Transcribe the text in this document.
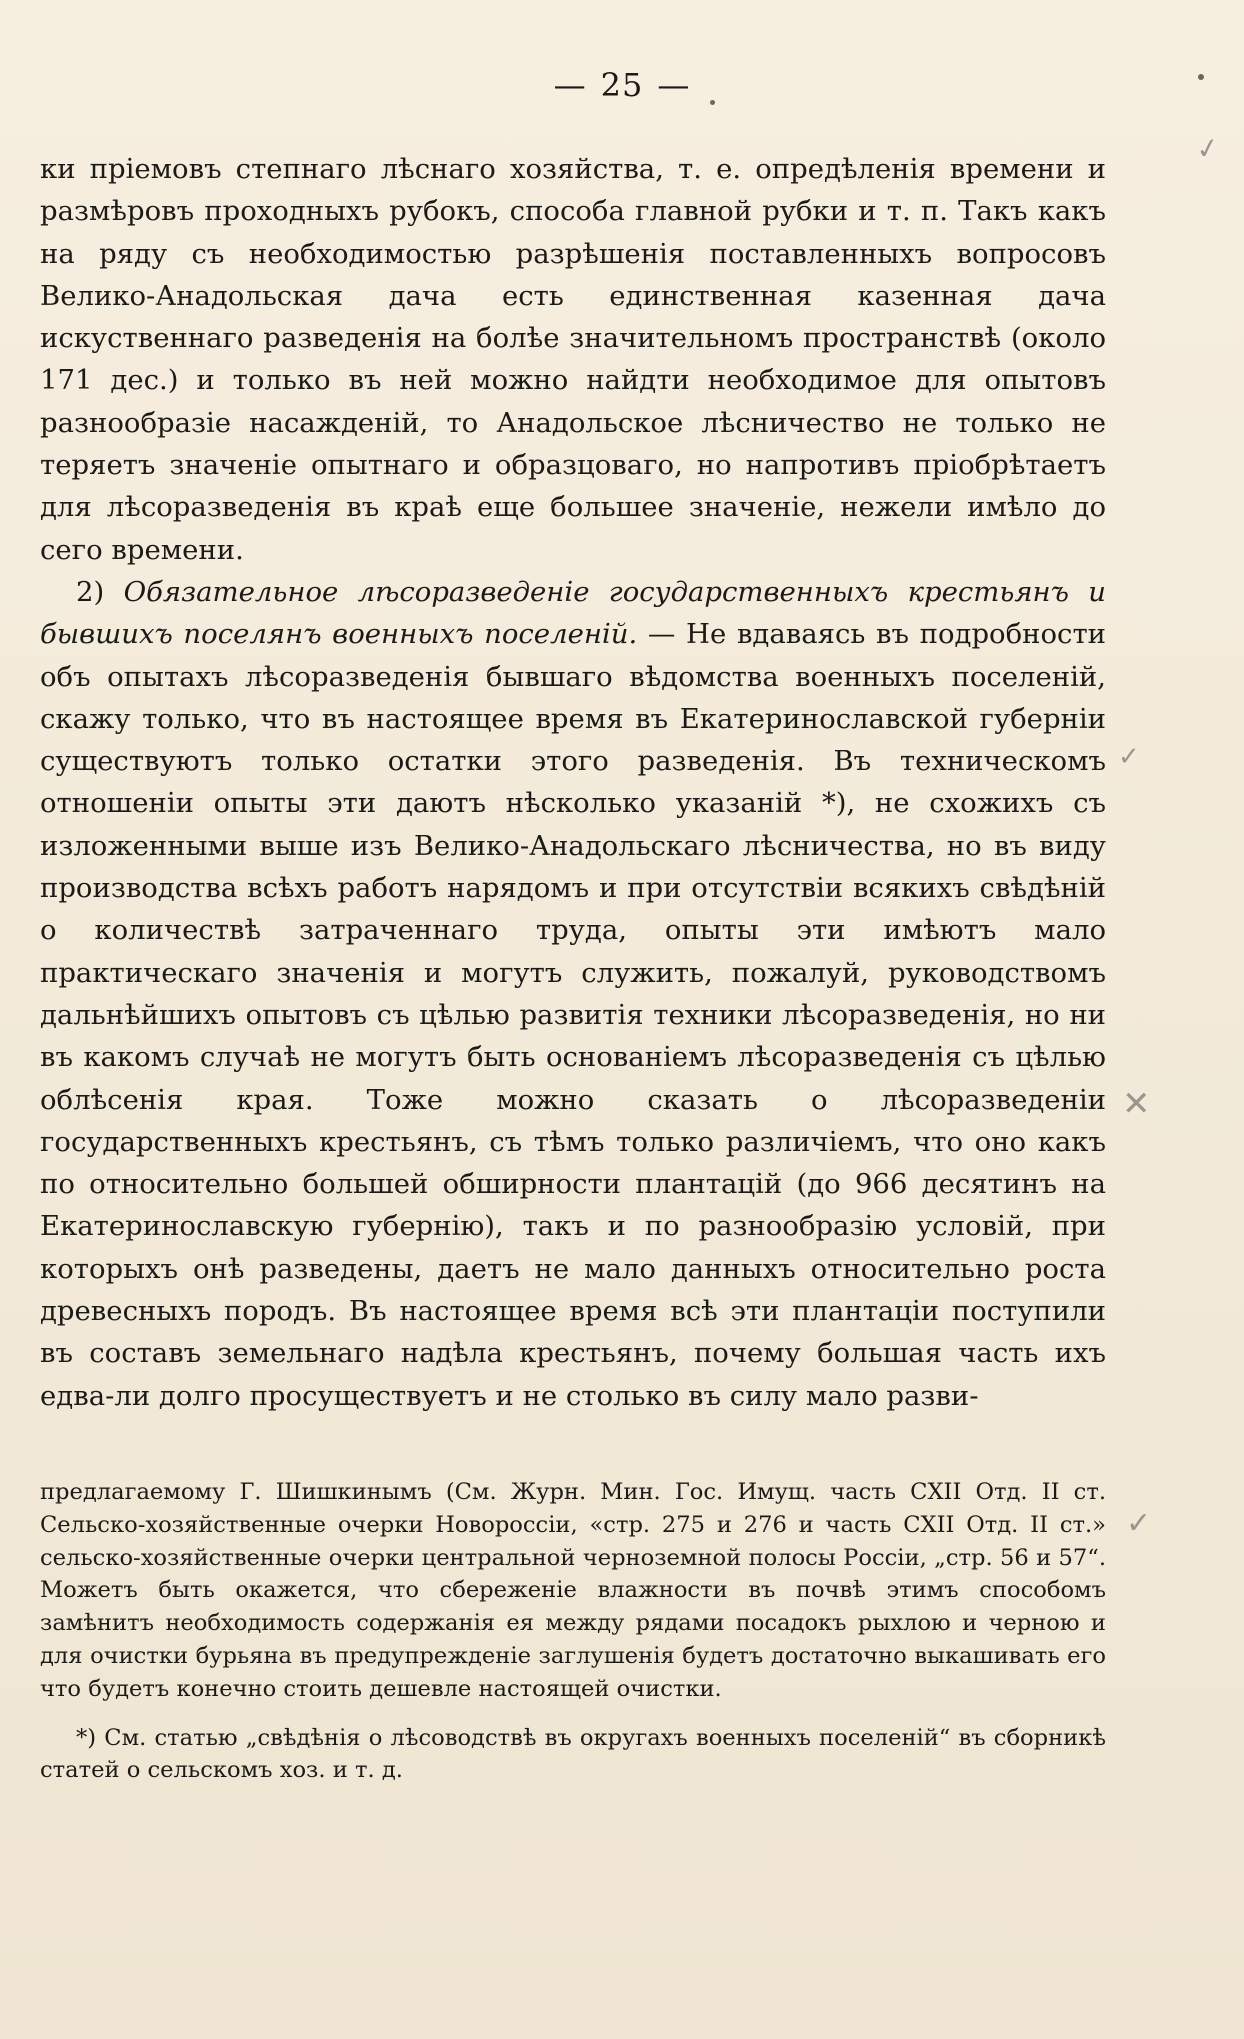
— 25 —

ки пріемовъ степнаго лѣснаго хозяйства, т. е. опредѣленія времени и размѣровъ проходныхъ рубокъ, способа главной рубки и т. п. Такъ какъ на ряду съ необходимостью разрѣшенія поставленныхъ вопросовъ Велико-Анадольская дача есть единственная казенная дача искуственнаго разведенія на болѣе значительномъ пространствѣ (около 171 дес.) и только въ ней можно найдти необходимое для опытовъ разнообразіе насажденій, то Анадольское лѣсничество не только не теряетъ значеніе опытнаго и образцоваго, но напротивъ пріобрѣтаетъ для лѣсоразведенія въ краѣ еще большее значеніе, нежели имѣло до сего времени.

2) Обязательное лѣсоразведеніе государственныхъ крестьянъ и бывшихъ поселянъ военныхъ поселеній. — Не вдаваясь въ подробности объ опытахъ лѣсоразведенія бывшаго вѣдомства военныхъ поселеній, скажу только, что въ настоящее время въ Екатеринославской губерніи существуютъ только остатки этого разведенія. Въ техническомъ отношеніи опыты эти даютъ нѣсколько указаній *), не схожихъ съ изложенными выше изъ Велико-Анадольскаго лѣсничества, но въ виду производства всѣхъ работъ нарядомъ и при отсутствіи всякихъ свѣдѣній о количествѣ затраченнаго труда, опыты эти имѣютъ мало практическаго значенія и могутъ служить, пожалуй, руководствомъ дальнѣйшихъ опытовъ съ цѣлью развитія техники лѣсоразведенія, но ни въ какомъ случаѣ не могутъ быть основаніемъ лѣсоразведенія съ цѣлью облѣсенія края. Тоже можно сказать о лѣсоразведеніи государственныхъ крестьянъ, съ тѣмъ только различіемъ, что оно какъ по относительно большей обширности плантацій (до 966 десятинъ на Екатеринославскую губернію), такъ и по разнообразію условій, при которыхъ онѣ разведены, даетъ не мало данныхъ относительно роста древесныхъ породъ. Въ настоящее время всѣ эти плантаціи поступили въ составъ земельнаго надѣла крестьянъ, почему большая часть ихъ едва-ли долго просуществуетъ и не столько въ силу мало разви-

предлагаемому Г. Шишкинымъ (См. Журн. Мин. Гос. Имущ. часть CXII Отд. II ст. Сельско-хозяйственные очерки Новороссіи, «стр. 275 и 276 и часть CXII Отд. II ст.» сельско-хозяйственные очерки центральной черноземной полосы Россіи, „стр. 56 и 57“. Можетъ быть окажется, что сбереженіе влажности въ почвѣ этимъ способомъ замѣнитъ необходимость содержанія ея между рядами посадокъ рыхлою и черною и для очистки бурьяна въ предупрежденіе заглушенія будетъ достаточно выкашивать его что будетъ конечно стоить дешевле настоящей очистки.

*) См. статью „свѣдѣнія о лѣсоводствѣ въ округахъ военныхъ поселеній“ въ сборникѣ статей о сельскомъ хоз. и т. д.

✓
✓
✕
✓
